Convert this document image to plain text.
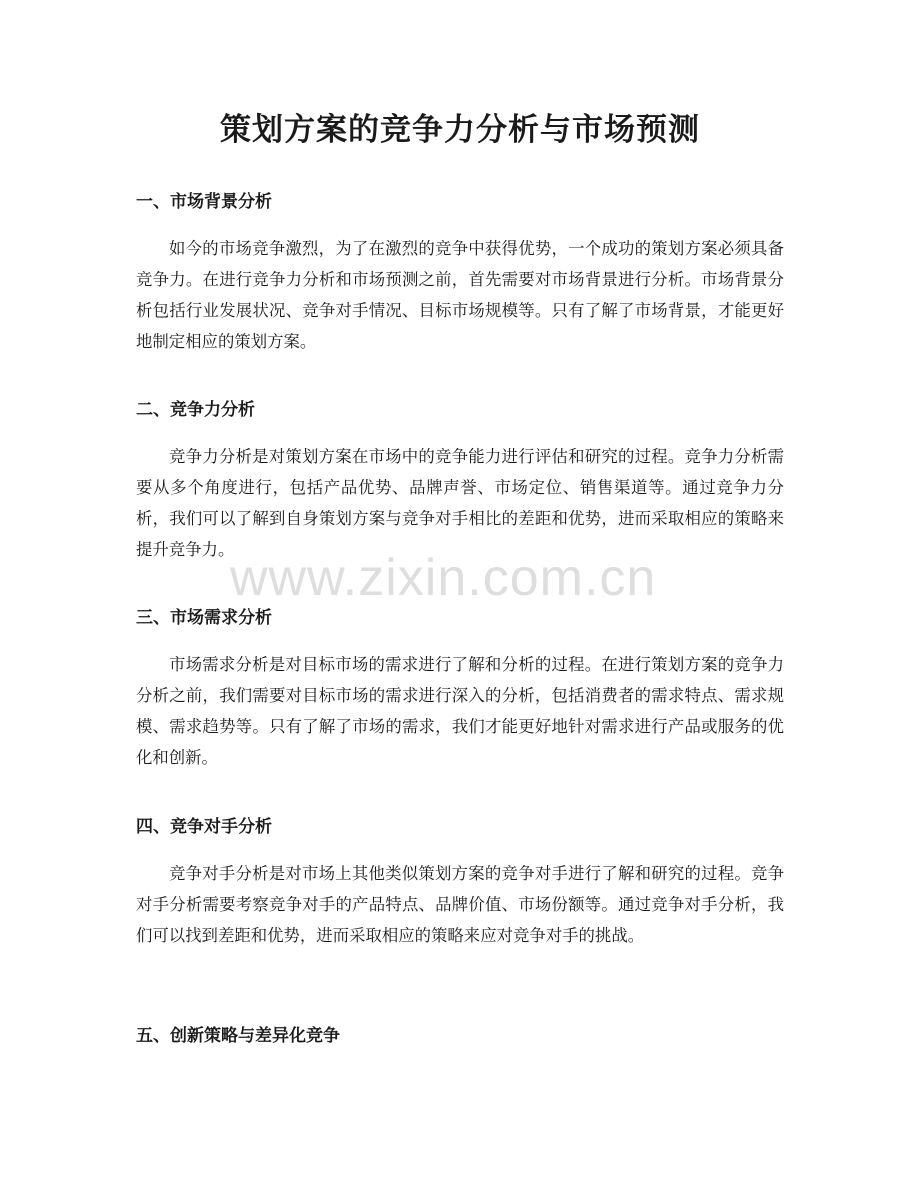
策划方案的竞争力分析与市场预测
一、市场背景分析

如今的市场竞争激烈，为了在激烈的竞争中获得优势，一个成功的策划方案必须具备竞争力。在进行竞争力分析和市场预测之前，首先需要对市场背景进行分析。市场背景分析包括行业发展状况、竞争对手情况、目标市场规模等。只有了解了市场背景，才能更好地制定相应的策划方案。

二、竞争力分析

竞争力分析是对策划方案在市场中的竞争能力进行评估和研究的过程。竞争力分析需要从多个角度进行，包括产品优势、品牌声誉、市场定位、销售渠道等。通过竞争力分析，我们可以了解到自身策划方案与竞争对手相比的差距和优势，进而采取相应的策略来提升竞争力。

三、市场需求分析

市场需求分析是对目标市场的需求进行了解和分析的过程。在进行策划方案的竞争力分析之前，我们需要对目标市场的需求进行深入的分析，包括消费者的需求特点、需求规模、需求趋势等。只有了解了市场的需求，我们才能更好地针对需求进行产品或服务的优化和创新。

四、竞争对手分析

竞争对手分析是对市场上其他类似策划方案的竞争对手进行了解和研究的过程。竞争对手分析需要考察竞争对手的产品特点、品牌价值、市场份额等。通过竞争对手分析，我们可以找到差距和优势，进而采取相应的策略来应对竞争对手的挑战。

五、创新策略与差异化竞争
www.zixin.com.cn
